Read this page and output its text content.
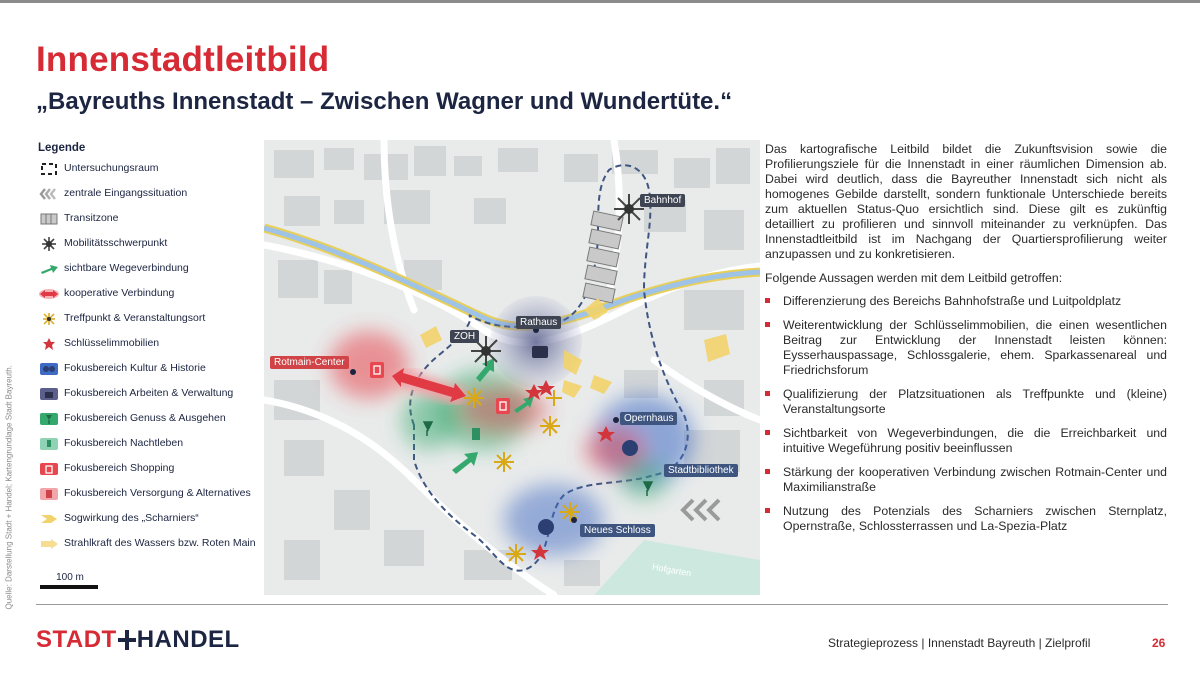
Innenstadtleitbild
„Bayreuths Innenstadt – Zwischen Wagner und Wundertüte.“
Quelle: Darstellung Stadt + Handel; Kartengrundlage Stadt Bayreuth.
Legende
Untersuchungsraum
zentrale Eingangssituation
Transitzone
Mobilitätsschwerpunkt
sichtbare Wegeverbindung
kooperative Verbindung
Treffpunkt & Veranstaltungsort
Schlüsselimmobilien
Fokusbereich Kultur & Historie
Fokusbereich Arbeiten & Verwaltung
Fokusbereich Genuss & Ausgehen
Fokusbereich Nachtleben
Fokusbereich Shopping
Fokusbereich Versorgung & Alternatives
Sogwirkung des „Scharniers“
Strahlkraft des Wassers bzw. Roten Main
100 m
Bahnhof
Rathaus
ZOH
Rotmain-Center
Opernhaus
Stadtbibliothek
Neues Schloss
Hofgarten

Das kartografische Leitbild bildet die Zukunftsvision sowie die Profilierungsziele für die Innenstadt in einer räumlichen Dimension ab. Dabei wird deutlich, dass die Bayreuther Innenstadt sich nicht als homogenes Gebilde darstellt, sondern funktionale Unterschiede bereits zum aktuellen Status-Quo ersichtlich sind. Diese gilt es zukünftig detailliert zu profilieren und sinnvoll miteinander zu verknüpfen. Das Innenstadtleitbild ist im Nachgang der Quartiersprofilierung weiter anzupassen und zu konkretisieren.

Folgende Aussagen werden mit dem Leitbild getroffen:

Differenzierung des Bereichs Bahnhofstraße und Luitpoldplatz
Weiterentwicklung der Schlüsselimmobilien, die einen wesentlichen Beitrag zur Entwicklung der Innenstadt leisten können: Eysserhauspassage, Schlossgalerie, ehem. Sparkassenareal und Friedrichsforum
Qualifizierung der Platzsituationen als Treffpunkte und (kleine) Veranstaltungsorte
Sichtbarkeit von Wegeverbindungen, die die Erreichbarkeit und intuitive Wegeführung positiv beeinflussen
Stärkung der kooperativen Verbindung zwischen Rotmain-Center und Maximilianstraße
Nutzung des Potenzials des Scharniers zwischen Sternplatz, Opernstraße, Schlossterrassen und La-Spezia-Platz
STADT HANDEL	Strategieprozess | Innenstadt Bayreuth | Zielprofil	26
